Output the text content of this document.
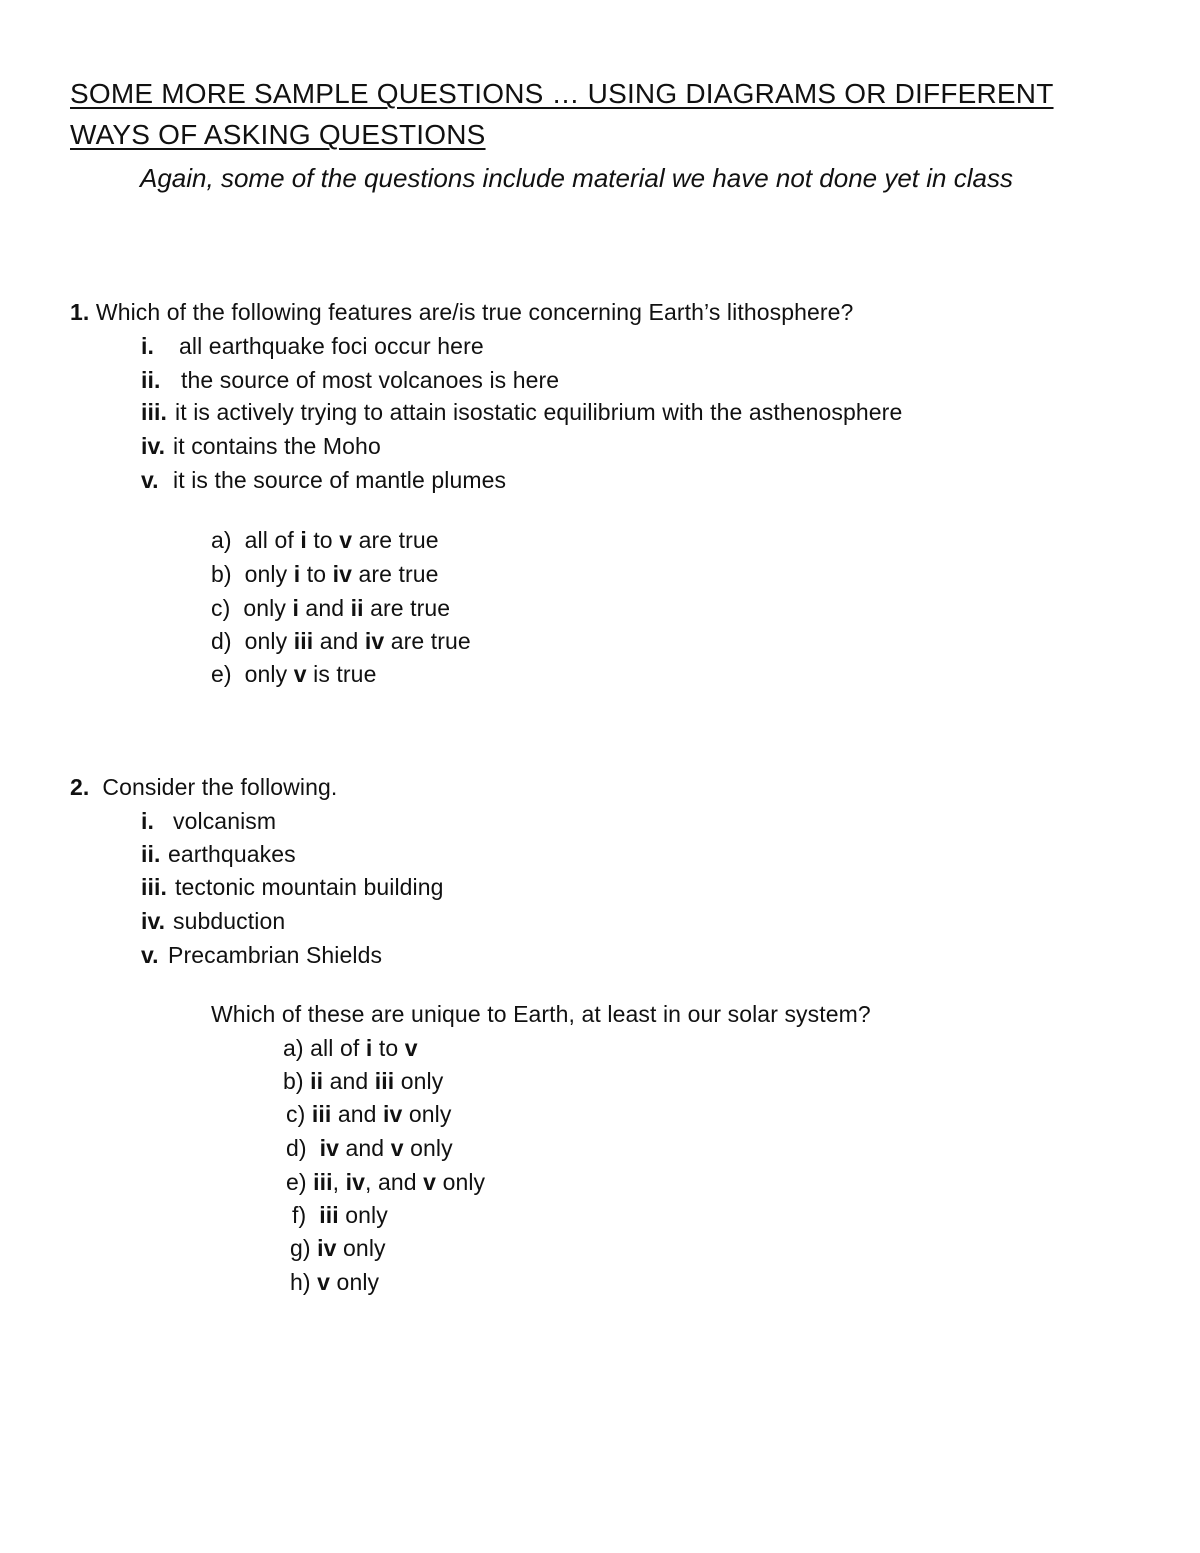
SOME MORE SAMPLE QUESTIONS … USING DIAGRAMS OR DIFFERENT
WAYS OF ASKING QUESTIONS
Again, some of the questions include material we have not done yet in class
1. Which of the following features are/is true concerning Earth’s lithosphere?
i. all earthquake foci occur here
ii. the source of most volcanoes is here
iii. it is actively trying to attain isostatic equilibrium with the asthenosphere
iv. it contains the Moho
v. it is the source of mantle plumes
a) all of i to v are true
b) only i to iv are true
c) only i and ii are true
d) only iii and iv are true
e) only v is true
2. Consider the following.
i. volcanism
ii. earthquakes
iii. tectonic mountain building
iv. subduction
v. Precambrian Shields
Which of these are unique to Earth, at least in our solar system?
a) all of i to v
b) ii and iii only
c) iii and iv only
d) iv and v only
e) iii, iv, and v only
f) iii only
g) iv only
h) v only
